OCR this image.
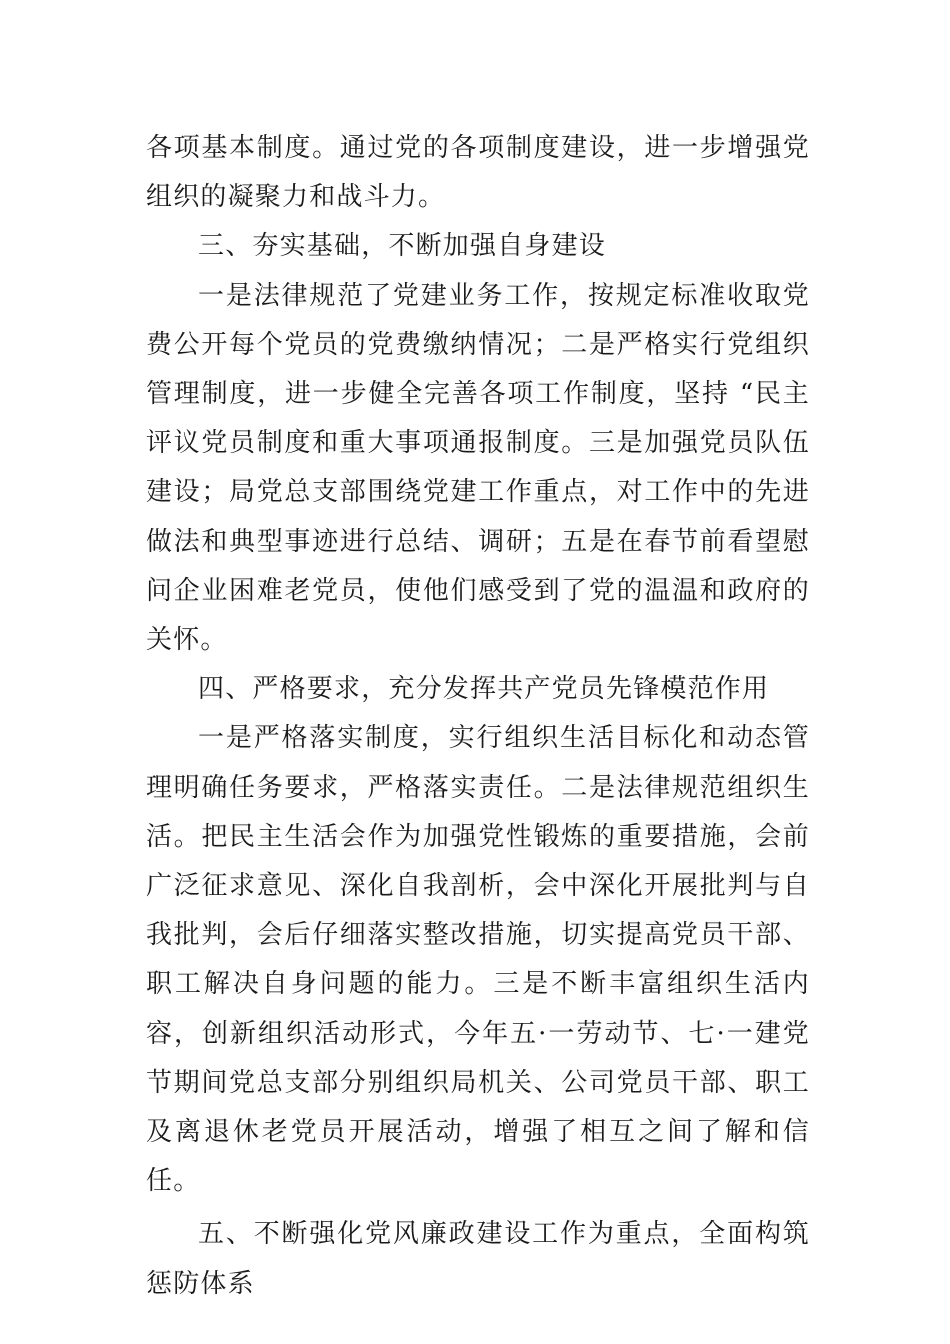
各项基本制度。通过党的各项制度建设，进一步增强党组织的凝聚力和战斗力。

三、夯实基础，不断加强自身建设

一是法律规范了党建业务工作，按规定标准收取党费公开每个党员的党费缴纳情况；二是严格实行党组织管理制度，进一步健全完善各项工作制度，坚持 “民主评议党员制度和重大事项通报制度。三是加强党员队伍建设；局党总支部围绕党建工作重点，对工作中的先进做法和典型事迹进行总结、调研；五是在春节前看望慰问企业困难老党员，使他们感受到了党的温温和政府的关怀。

四、严格要求，充分发挥共产党员先锋模范作用

一是严格落实制度，实行组织生活目标化和动态管理明确任务要求，严格落实责任。二是法律规范组织生活。把民主生活会作为加强党性锻炼的重要措施，会前广泛征求意见、深化自我剖析，会中深化开展批判与自我批判，会后仔细落实整改措施，切实提高党员干部、职工解决自身问题的能力。三是不断丰富组织生活内容，创新组织活动形式，今年五·一劳动节、七·一建党节期间党总支部分别组织局机关、公司党员干部、职工及离退休老党员开展活动，增强了相互之间了解和信任。

五、不断强化党风廉政建设工作为重点，全面构筑惩防体系
